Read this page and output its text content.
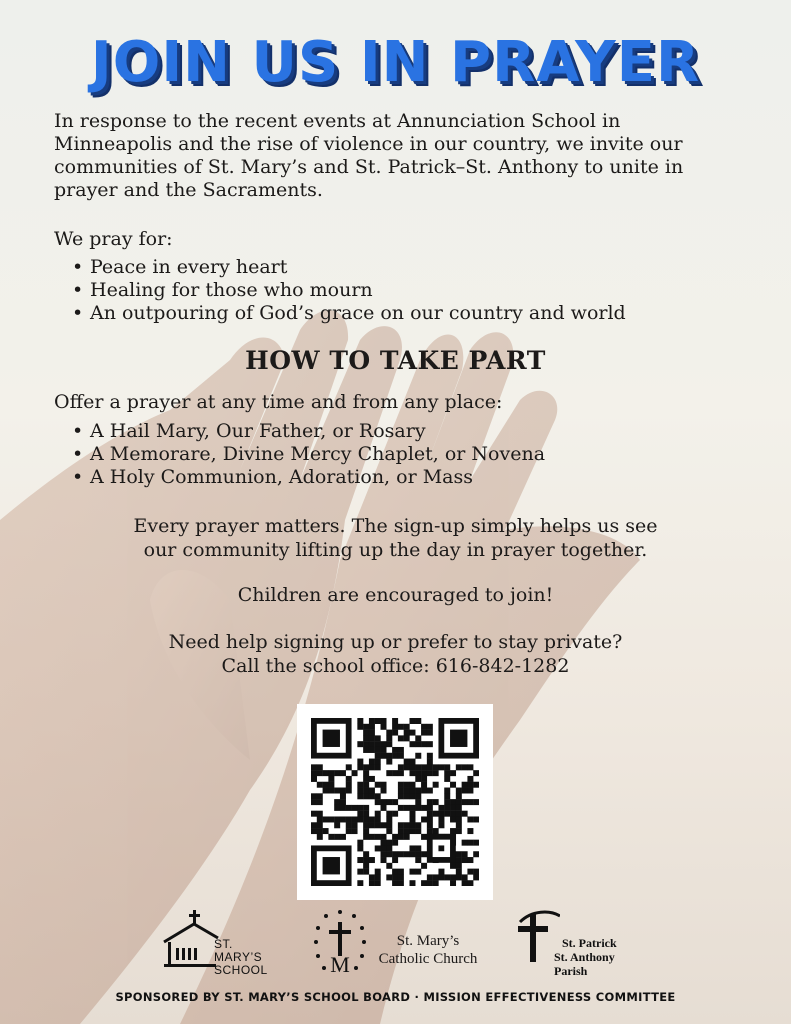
JOIN US IN PRAYER

In response to the recent events at Annunciation School in Minneapolis and the rise of violence in our country, we invite our communities of St. Mary’s and St. Patrick–St. Anthony to unite in prayer and the Sacraments.

We pray for:

• Peace in every heart
• Healing for those who mourn
• An outpouring of God’s grace on our country and world
HOW TO TAKE PART

Offer a prayer at any time and from any place:

• A Hail Mary, Our Father, or Rosary
• A Memorare, Divine Mercy Chaplet, or Novena
• A Holy Communion, Adoration, or Mass
Every prayer matters. The sign-up simply helps us see
our community lifting up the day in prayer together.

Children are encouraged to join!

Need help signing up or prefer to stay private?
Call the school office: 616-842-1282
ST. MARY’S
SCHOOL	M
St. Mary’s
Catholic Church
St. Patrick
St. Anthony Parish

SPONSORED BY ST. MARY’S SCHOOL BOARD · MISSION EFFECTIVENESS COMMITTEE
